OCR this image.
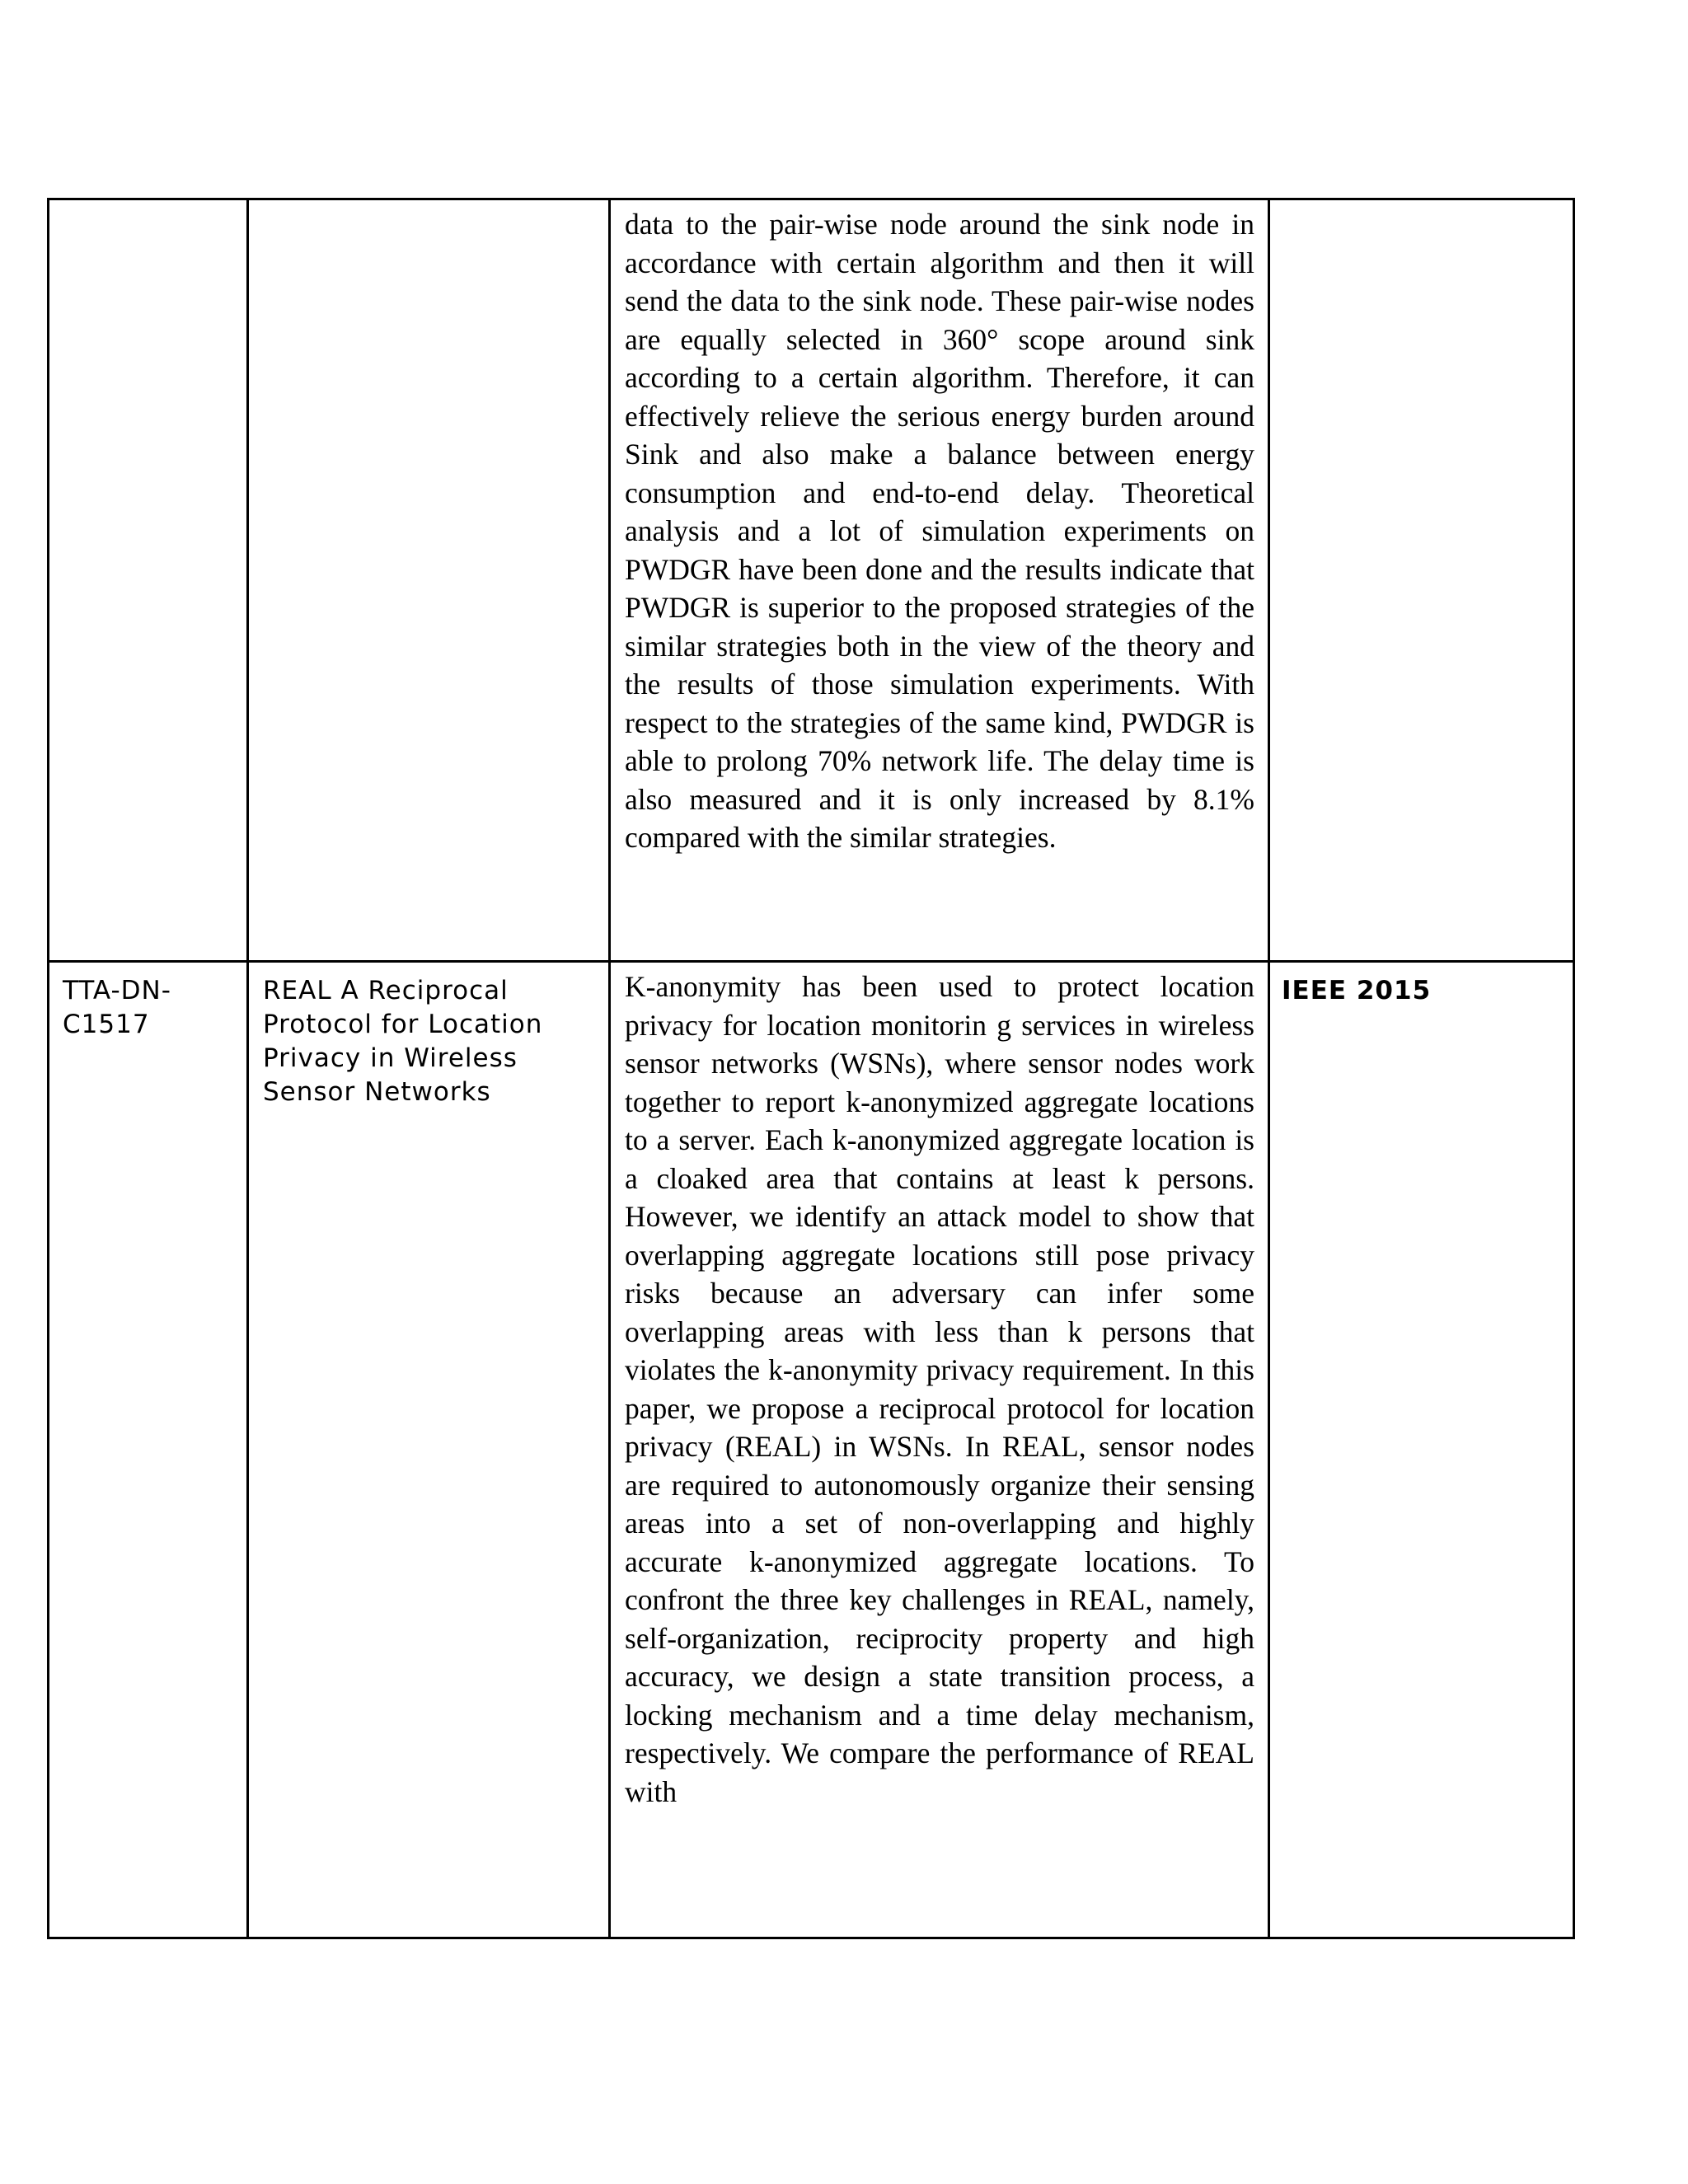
		data to the pair-wise node around the sink node in accordance with certain algorithm and then it will send the data to the sink node. These pair-wise nodes are equally selected in 360° scope around sink according to a certain algorithm. Therefore, it can effectively relieve the serious energy burden around Sink and also make a balance between energy consumption and end-to-end delay. Theoretical analysis and a lot of simulation experiments on PWDGR have been done and the results indicate that PWDGR is superior to the proposed strategies of the similar strategies both in the view of the theory and the results of those simulation experiments. With respect to the strategies of the same kind, PWDGR is able to prolong 70% network life. The delay time is also measured and it is only increased by 8.1% compared with the similar strategies.	

TTA-DN-C1517	REAL A Reciprocal Protocol for Location Privacy in Wireless Sensor Networks	K-anonymity has been used to protect location privacy for location monitorin g services in wireless sensor networks (WSNs), where sensor nodes work together to report k-anonymized aggregate locations to a server. Each k-anonymized aggregate location is a cloaked area that contains at least k persons. However, we identify an attack model to show that overlapping aggregate locations still pose privacy risks because an adversary can infer some overlapping areas with less than k persons that violates the k-anonymity privacy requirement. In this paper, we propose a reciprocal protocol for location privacy (REAL) in WSNs. In REAL, sensor nodes are required to autonomously organize their sensing areas into a set of non-overlapping and highly accurate k-anonymized aggregate locations. To confront the three key challenges in REAL, namely, self-organization, reciprocity property and high accuracy, we design a state transition process, a locking mechanism and a time delay mechanism, respectively. We compare the performance of REAL with	IEEE 2015
